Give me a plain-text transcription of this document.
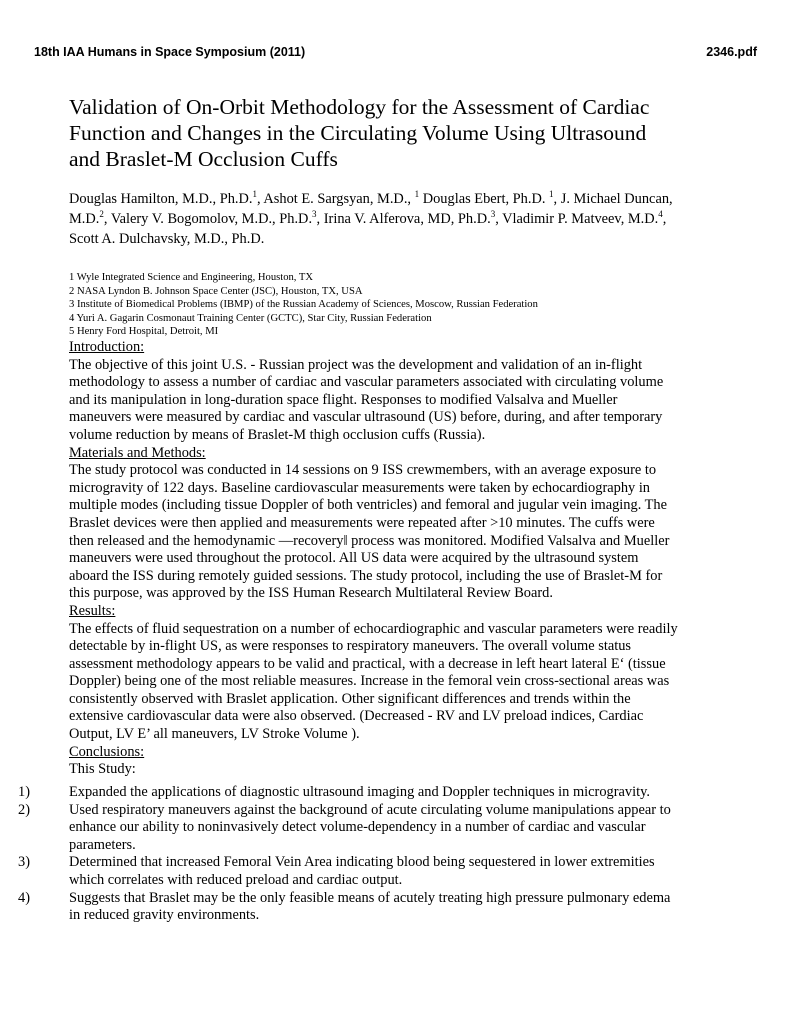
18th IAA Humans in Space Symposium (2011)	2346.pdf
Validation of On-Orbit Methodology for the Assessment of Cardiac
Function and Changes in the Circulating Volume Using Ultrasound
and Braslet-M Occlusion Cuffs
Douglas Hamilton, M.D., Ph.D.$^1$, Ashot E. Sargsyan, M.D., $^1$ Douglas Ebert, Ph.D. $^1$, J. Michael Duncan,
M.D.$^2$, Valery V. Bogomolov, M.D., Ph.D.$^3$, Irina V. Alferova, MD, Ph.D.$^3$, Vladimir P. Matveev, M.D.$^4$,
Scott A. Dulchavsky, M.D., Ph.D.
1 Wyle Integrated Science and Engineering, Houston, TX
2 NASA Lyndon B. Johnson Space Center (JSC), Houston, TX, USA
3 Institute of Biomedical Problems (IBMP) of the Russian Academy of Sciences, Moscow, Russian Federation
4 Yuri A. Gagarin Cosmonaut Training Center (GCTC), Star City, Russian Federation
5 Henry Ford Hospital, Detroit, MI
Introduction:
The objective of this joint U.S. - Russian project was the development and validation of an in-flight
methodology to assess a number of cardiac and vascular parameters associated with circulating volume
and its manipulation in long-duration space flight. Responses to modified Valsalva and Mueller
maneuvers were measured by cardiac and vascular ultrasound (US) before, during, and after temporary
volume reduction by means of Braslet-M thigh occlusion cuffs (Russia).
Materials and Methods:
The study protocol was conducted in 14 sessions on 9 ISS crewmembers, with an average exposure to
microgravity of 122 days. Baseline cardiovascular measurements were taken by echocardiography in
multiple modes (including tissue Doppler of both ventricles) and femoral and jugular vein imaging. The
Braslet devices were then applied and measurements were repeated after >10 minutes. The cuffs were
then released and the hemodynamic ―recovery‖ process was monitored. Modified Valsalva and Mueller
maneuvers were used throughout the protocol. All US data were acquired by the ultrasound system
aboard the ISS during remotely guided sessions. The study protocol, including the use of Braslet-M for
this purpose, was approved by the ISS Human Research Multilateral Review Board.
Results:
The effects of fluid sequestration on a number of echocardiographic and vascular parameters were readily
detectable by in-flight US, as were responses to respiratory maneuvers. The overall volume status
assessment methodology appears to be valid and practical, with a decrease in left heart lateral E‘ (tissue
Doppler) being one of the most reliable measures. Increase in the femoral vein cross-sectional areas was
consistently observed with Braslet application. Other significant differences and trends within the
extensive cardiovascular data were also observed. (Decreased - RV and LV preload indices, Cardiac
Output, LV E’ all maneuvers, LV Stroke Volume ).
Conclusions:
This Study:
1)	Expanded the applications of diagnostic ultrasound imaging and Doppler techniques in microgravity.
2)	Used respiratory maneuvers against the background of acute circulating volume manipulations appear to
enhance our ability to noninvasively detect volume-dependency in a number of cardiac and vascular
parameters.
3)	Determined that increased Femoral Vein Area indicating blood being sequestered in lower extremities
which correlates with reduced preload and cardiac output.
4)	Suggests that Braslet may be the only feasible means of acutely treating high pressure pulmonary edema
in reduced gravity environments.
